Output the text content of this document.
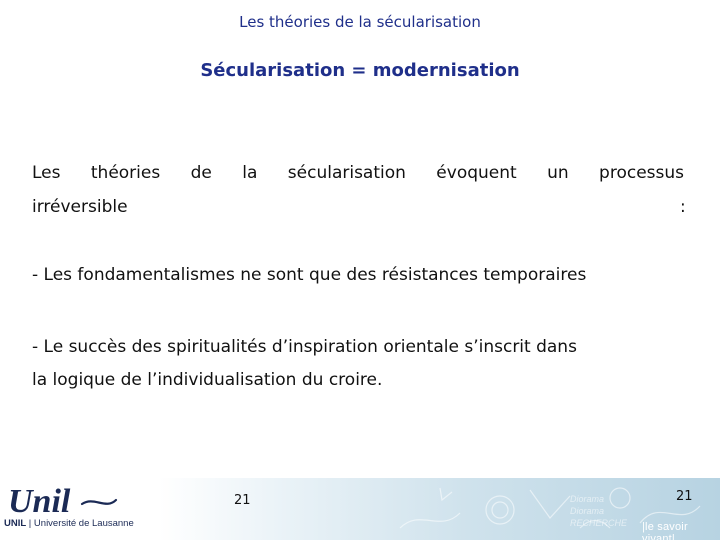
Les théories de la sécularisation
Sécularisation = modernisation
Les théories de la sécularisation évoquent un processus
irréversible	:
- Les fondamentalismes ne sont que des résistances temporaires
- Le succès des spiritualités d’inspiration orientale s’inscrit dans
la logique de l’individualisation du croire.
Diorama
Diorama
RECHERCHE
Unil
UNIL | Université de Lausanne
21	21
|le savoir vivant|
